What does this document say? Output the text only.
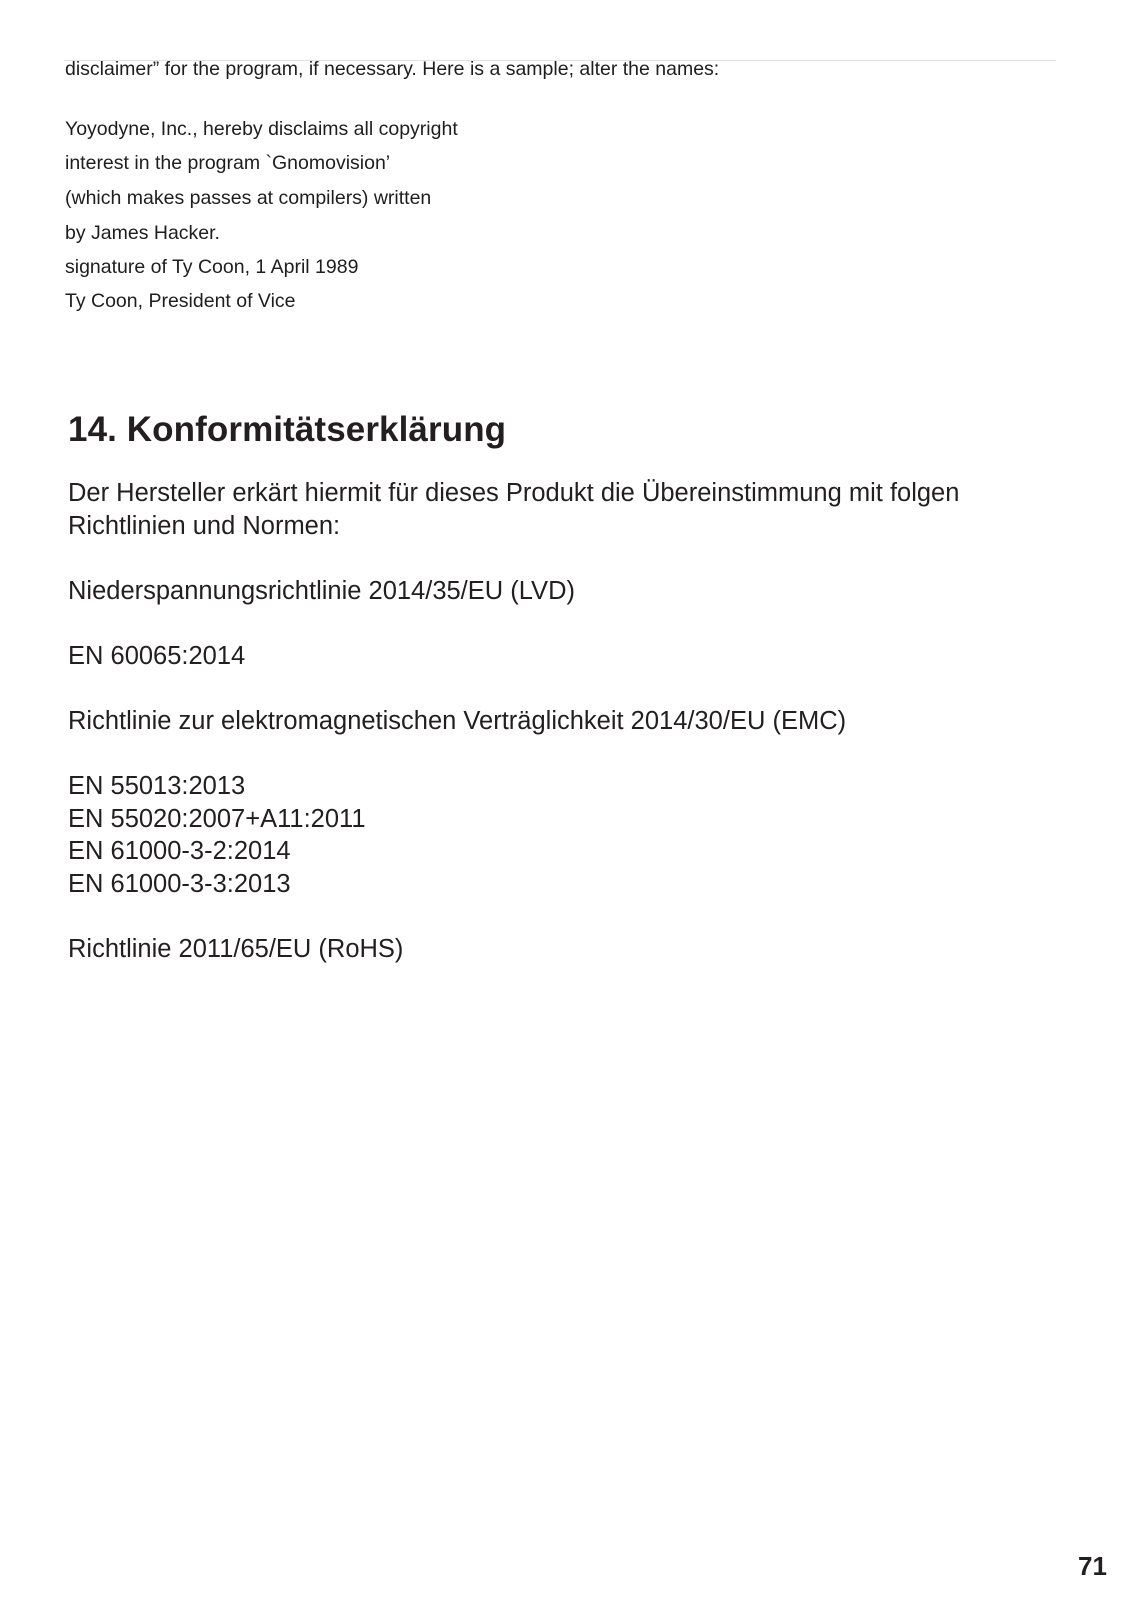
disclaimer” for the program, if necessary. Here is a sample; alter the names:
Yoyodyne, Inc., hereby disclaims all copyright
interest in the program `Gnomovision’
(which makes passes at compilers) written
by James Hacker.
signature of Ty Coon, 1 April 1989
Ty Coon, President of Vice
14. Konformitätserklärung
Der Hersteller erkärt hiermit für dieses Produkt die Übereinstimmung mit folgen
Richtlinien und Normen:
Niederspannungsrichtlinie 2014/35/EU (LVD)
EN 60065:2014
Richtlinie zur elektromagnetischen Verträglichkeit 2014/30/EU (EMC)
EN 55013:2013
EN 55020:2007+A11:2011
EN 61000-3-2:2014
EN 61000-3-3:2013
Richtlinie 2011/65/EU (RoHS)
71
